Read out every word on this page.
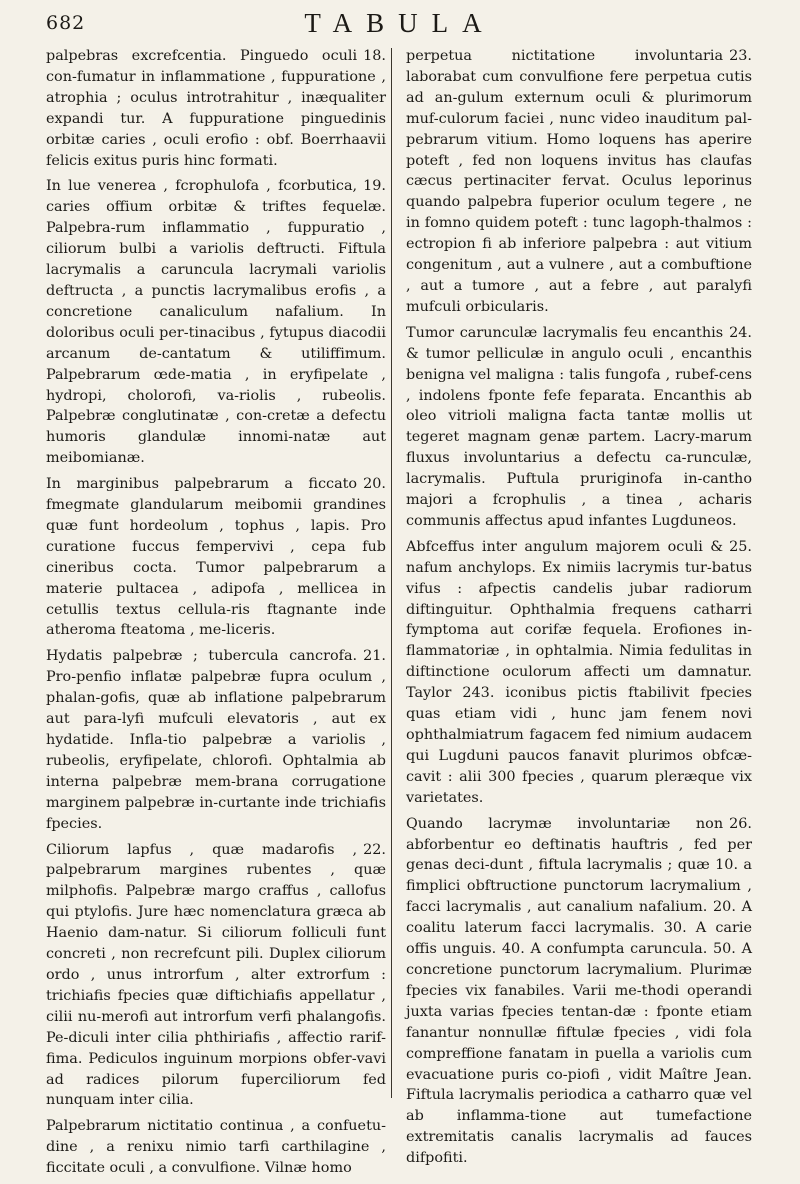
682	TABULA

18.
palpebras excrefcentia. Pinguedo oculi con-fumatur in inflammatione , fuppuratione , atrophia ; oculus introtrahitur , inæqualiter expandi tur. A fuppuratione pinguedinis orbitæ caries , oculi erofio : obf. Boerrhaavii felicis exitus puris hinc formati.

19.
In lue venerea , fcrophulofa , fcorbutica, caries offium orbitæ & triftes fequelæ. Palpebra-rum inflammatio , fuppuratio , ciliorum bulbi a variolis deftructi. Fiftula lacrymalis a caruncula lacrymali variolis deftructa , a punctis lacrymalibus erofis , a concretione canaliculum nafalium. In doloribus oculi per-tinacibus , fytupus diacodii arcanum de-cantatum & utiliffimum. Palpebrarum œde-matia , in eryfipelate , hydropi, cholorofi, va-riolis , rubeolis. Palpebræ conglutinatæ , con-cretæ a defectu humoris glandulæ innomi-natæ aut meibomianæ.

20.
In marginibus palpebrarum a ficcato fmegmate glandularum meibomii grandines quæ funt hordeolum , tophus , lapis. Pro curatione fuccus fempervivi , cepa fub cineribus cocta. Tumor palpebrarum a materie pultacea , adipofa , mellicea in cetullis textus cellula-ris ftagnante inde atheroma fteatoma , me-liceris.

21.
Hydatis palpebræ ; tubercula cancrofa. Pro-penfio inflatæ palpebræ fupra oculum , phalan-gofis, quæ ab inflatione palpebrarum aut para-lyfi mufculi elevatoris , aut ex hydatide. Infla-tio palpebræ a variolis , rubeolis, eryfipelate, chlorofi. Ophtalmia ab interna palpebræ mem-brana corrugatione marginem palpebræ in-curtante inde trichiafis fpecies.

22.
Ciliorum lapfus , quæ madarofis , palpebrarum margines rubentes , quæ milphofis. Palpebræ margo craffus , callofus qui ptylofis. Jure hæc nomenclatura græca ab Haenio dam-natur. Si ciliorum folliculi funt concreti , non recrefcunt pili. Duplex ciliorum ordo , unus introrfum , alter extrorfum : trichiafis fpecies quæ diftichiafis appellatur , cilii nu-merofi aut introrfum verfi phalangofis. Pe-diculi inter cilia phthiriafis , affectio rarif-fima. Pediculos inguinum morpions obfer-vavi ad radices pilorum fuperciliorum fed nunquam inter cilia.

Palpebrarum nictitatio continua , a confuetu-dine , a renixu nimio tarfi carthilagine , ficcitate oculi , a convulfione. Vilnæ homo

23.
perpetua nictitatione involuntaria laborabat cum convulfione fere perpetua cutis ad an-gulum externum oculi & plurimorum muf-culorum faciei , nunc video inauditum pal-pebrarum vitium. Homo loquens has aperire poteft , fed non loquens invitus has claufas cæcus pertinaciter fervat. Oculus leporinus quando palpebra fuperior oculum tegere , ne in fomno quidem poteft : tunc lagoph-thalmos : ectropion fi ab inferiore palpebra : aut vitium congenitum , aut a vulnere , aut a combuftione , aut a tumore , aut a febre , aut paralyfi mufculi orbicularis.

24.
Tumor carunculæ lacrymalis feu encanthis & tumor pelliculæ in angulo oculi , encanthis benigna vel maligna : talis fungofa , rubef-cens , indolens fponte fefe feparata. Encanthis ab oleo vitrioli maligna facta tantæ mollis ut tegeret magnam genæ partem. Lacry-marum fluxus involuntarius a defectu ca-runculæ, lacrymalis. Puftula pruriginofa in-cantho majori a fcrophulis , a tinea , acharis communis affectus apud infantes Lugduneos.

25.
Abfceffus inter angulum majorem oculi & nafum anchylops. Ex nimiis lacrymis tur-batus vifus : afpectis candelis jubar radiorum diftinguitur. Ophthalmia frequens catharri fymptoma aut corifæ fequela. Erofiones in-flammatoriæ , in ophtalmia. Nimia fedulitas in diftinctione oculorum affecti um damnatur. Taylor 243. iconibus pictis ftabilivit fpecies quas etiam vidi , hunc jam fenem novi ophthalmiatrum fagacem fed nimium audacem qui Lugduni paucos fanavit plurimos obfcæ-cavit : alii 300 fpecies , quarum pleræque vix varietates.

26.
Quando lacrymæ involuntariæ non abforbentur eo deftinatis hauftris , fed per genas deci-dunt , fiftula lacrymalis ; quæ 10. a fimplici obftructione punctorum lacrymalium , facci lacrymalis , aut canalium nafalium. 20. A coalitu laterum facci lacrymalis. 30. A carie offis unguis. 40. A confumpta caruncula. 50. A concretione punctorum lacrymalium. Plurimæ fpecies vix fanabiles. Varii me-thodi operandi juxta varias fpecies tentan-dæ : fponte etiam fanantur nonnullæ fiftulæ fpecies , vidi fola compreffione fanatam in puella a variolis cum evacuatione puris co-piofi , vidit Maître Jean. Fiftula lacrymalis periodica a catharro quæ vel ab inflamma-tione aut tumefactione extremitatis canalis lacrymalis ad fauces difpofiti.
